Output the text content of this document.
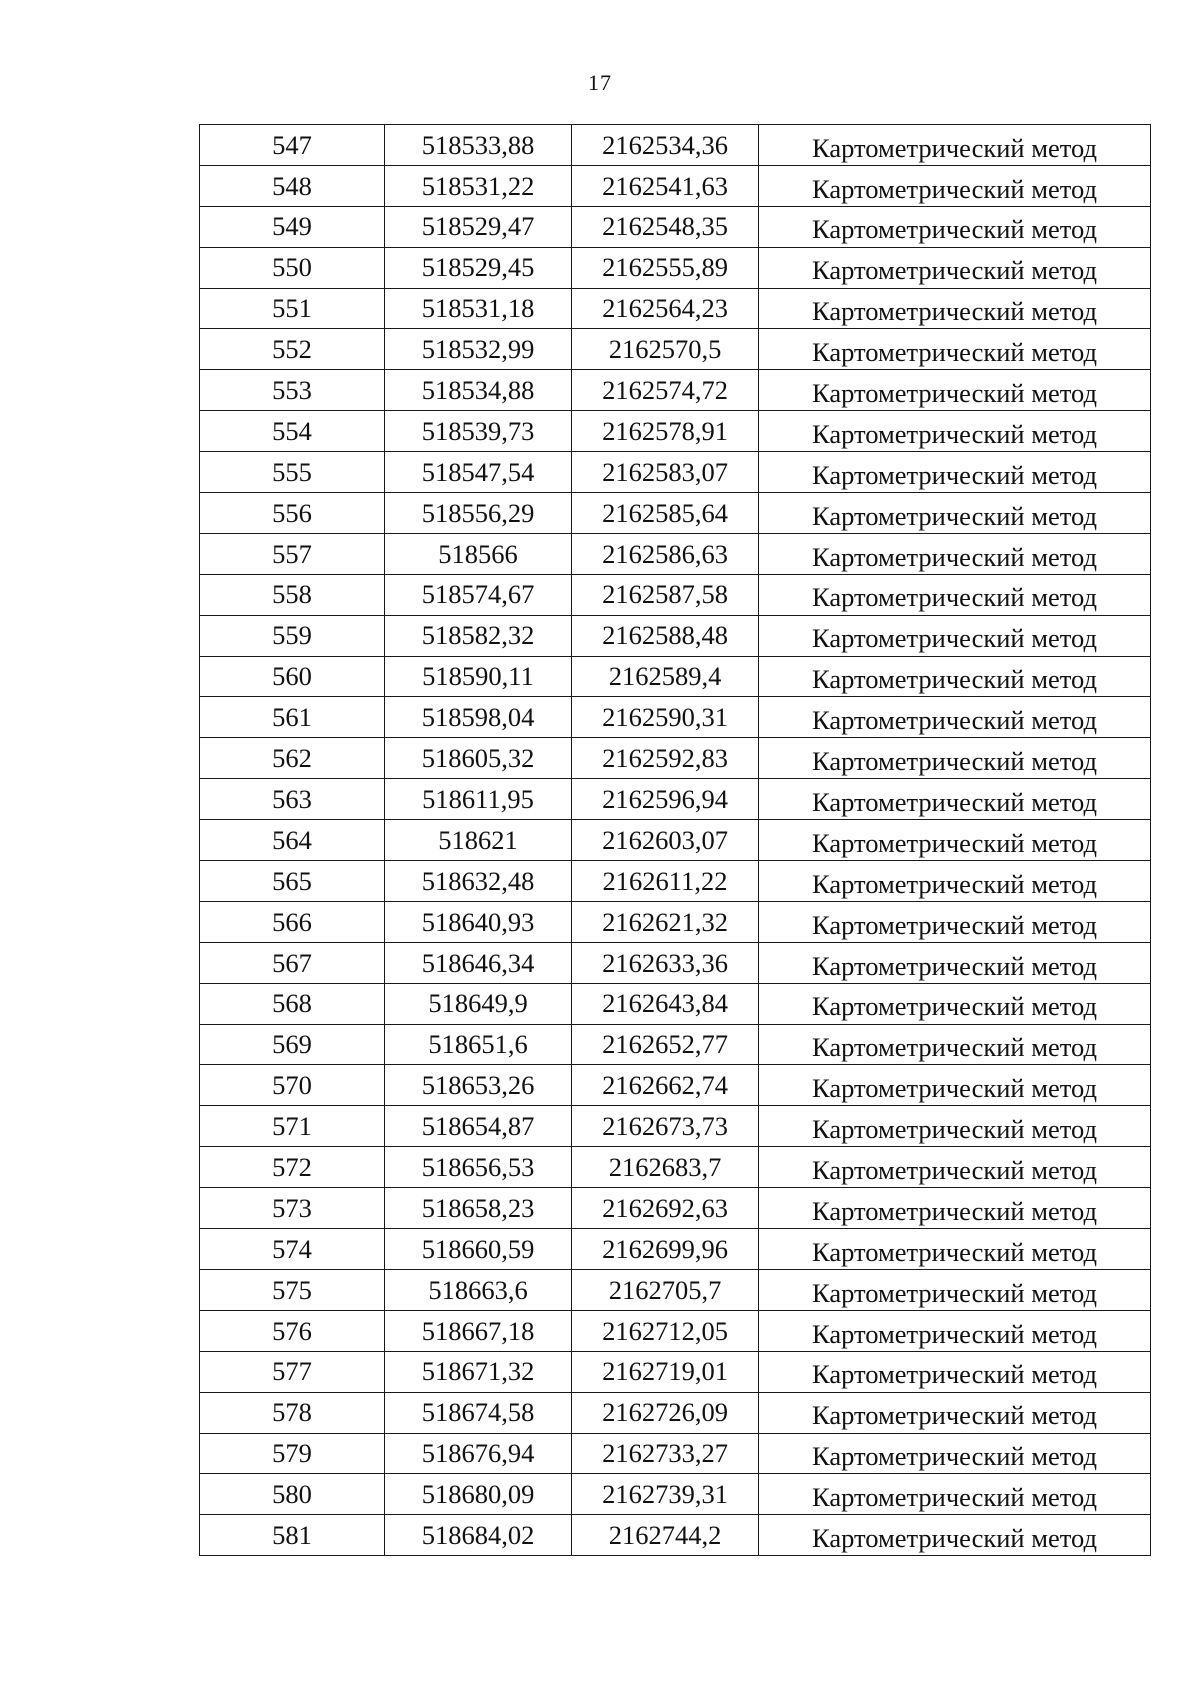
17
547	518533,88	2162534,36	Картометрический метод
548	518531,22	2162541,63	Картометрический метод
549	518529,47	2162548,35	Картометрический метод
550	518529,45	2162555,89	Картометрический метод
551	518531,18	2162564,23	Картометрический метод
552	518532,99	2162570,5	Картометрический метод
553	518534,88	2162574,72	Картометрический метод
554	518539,73	2162578,91	Картометрический метод
555	518547,54	2162583,07	Картометрический метод
556	518556,29	2162585,64	Картометрический метод
557	518566	2162586,63	Картометрический метод
558	518574,67	2162587,58	Картометрический метод
559	518582,32	2162588,48	Картометрический метод
560	518590,11	2162589,4	Картометрический метод
561	518598,04	2162590,31	Картометрический метод
562	518605,32	2162592,83	Картометрический метод
563	518611,95	2162596,94	Картометрический метод
564	518621	2162603,07	Картометрический метод
565	518632,48	2162611,22	Картометрический метод
566	518640,93	2162621,32	Картометрический метод
567	518646,34	2162633,36	Картометрический метод
568	518649,9	2162643,84	Картометрический метод
569	518651,6	2162652,77	Картометрический метод
570	518653,26	2162662,74	Картометрический метод
571	518654,87	2162673,73	Картометрический метод
572	518656,53	2162683,7	Картометрический метод
573	518658,23	2162692,63	Картометрический метод
574	518660,59	2162699,96	Картометрический метод
575	518663,6	2162705,7	Картометрический метод
576	518667,18	2162712,05	Картометрический метод
577	518671,32	2162719,01	Картометрический метод
578	518674,58	2162726,09	Картометрический метод
579	518676,94	2162733,27	Картометрический метод
580	518680,09	2162739,31	Картометрический метод
581	518684,02	2162744,2	Картометрический метод
